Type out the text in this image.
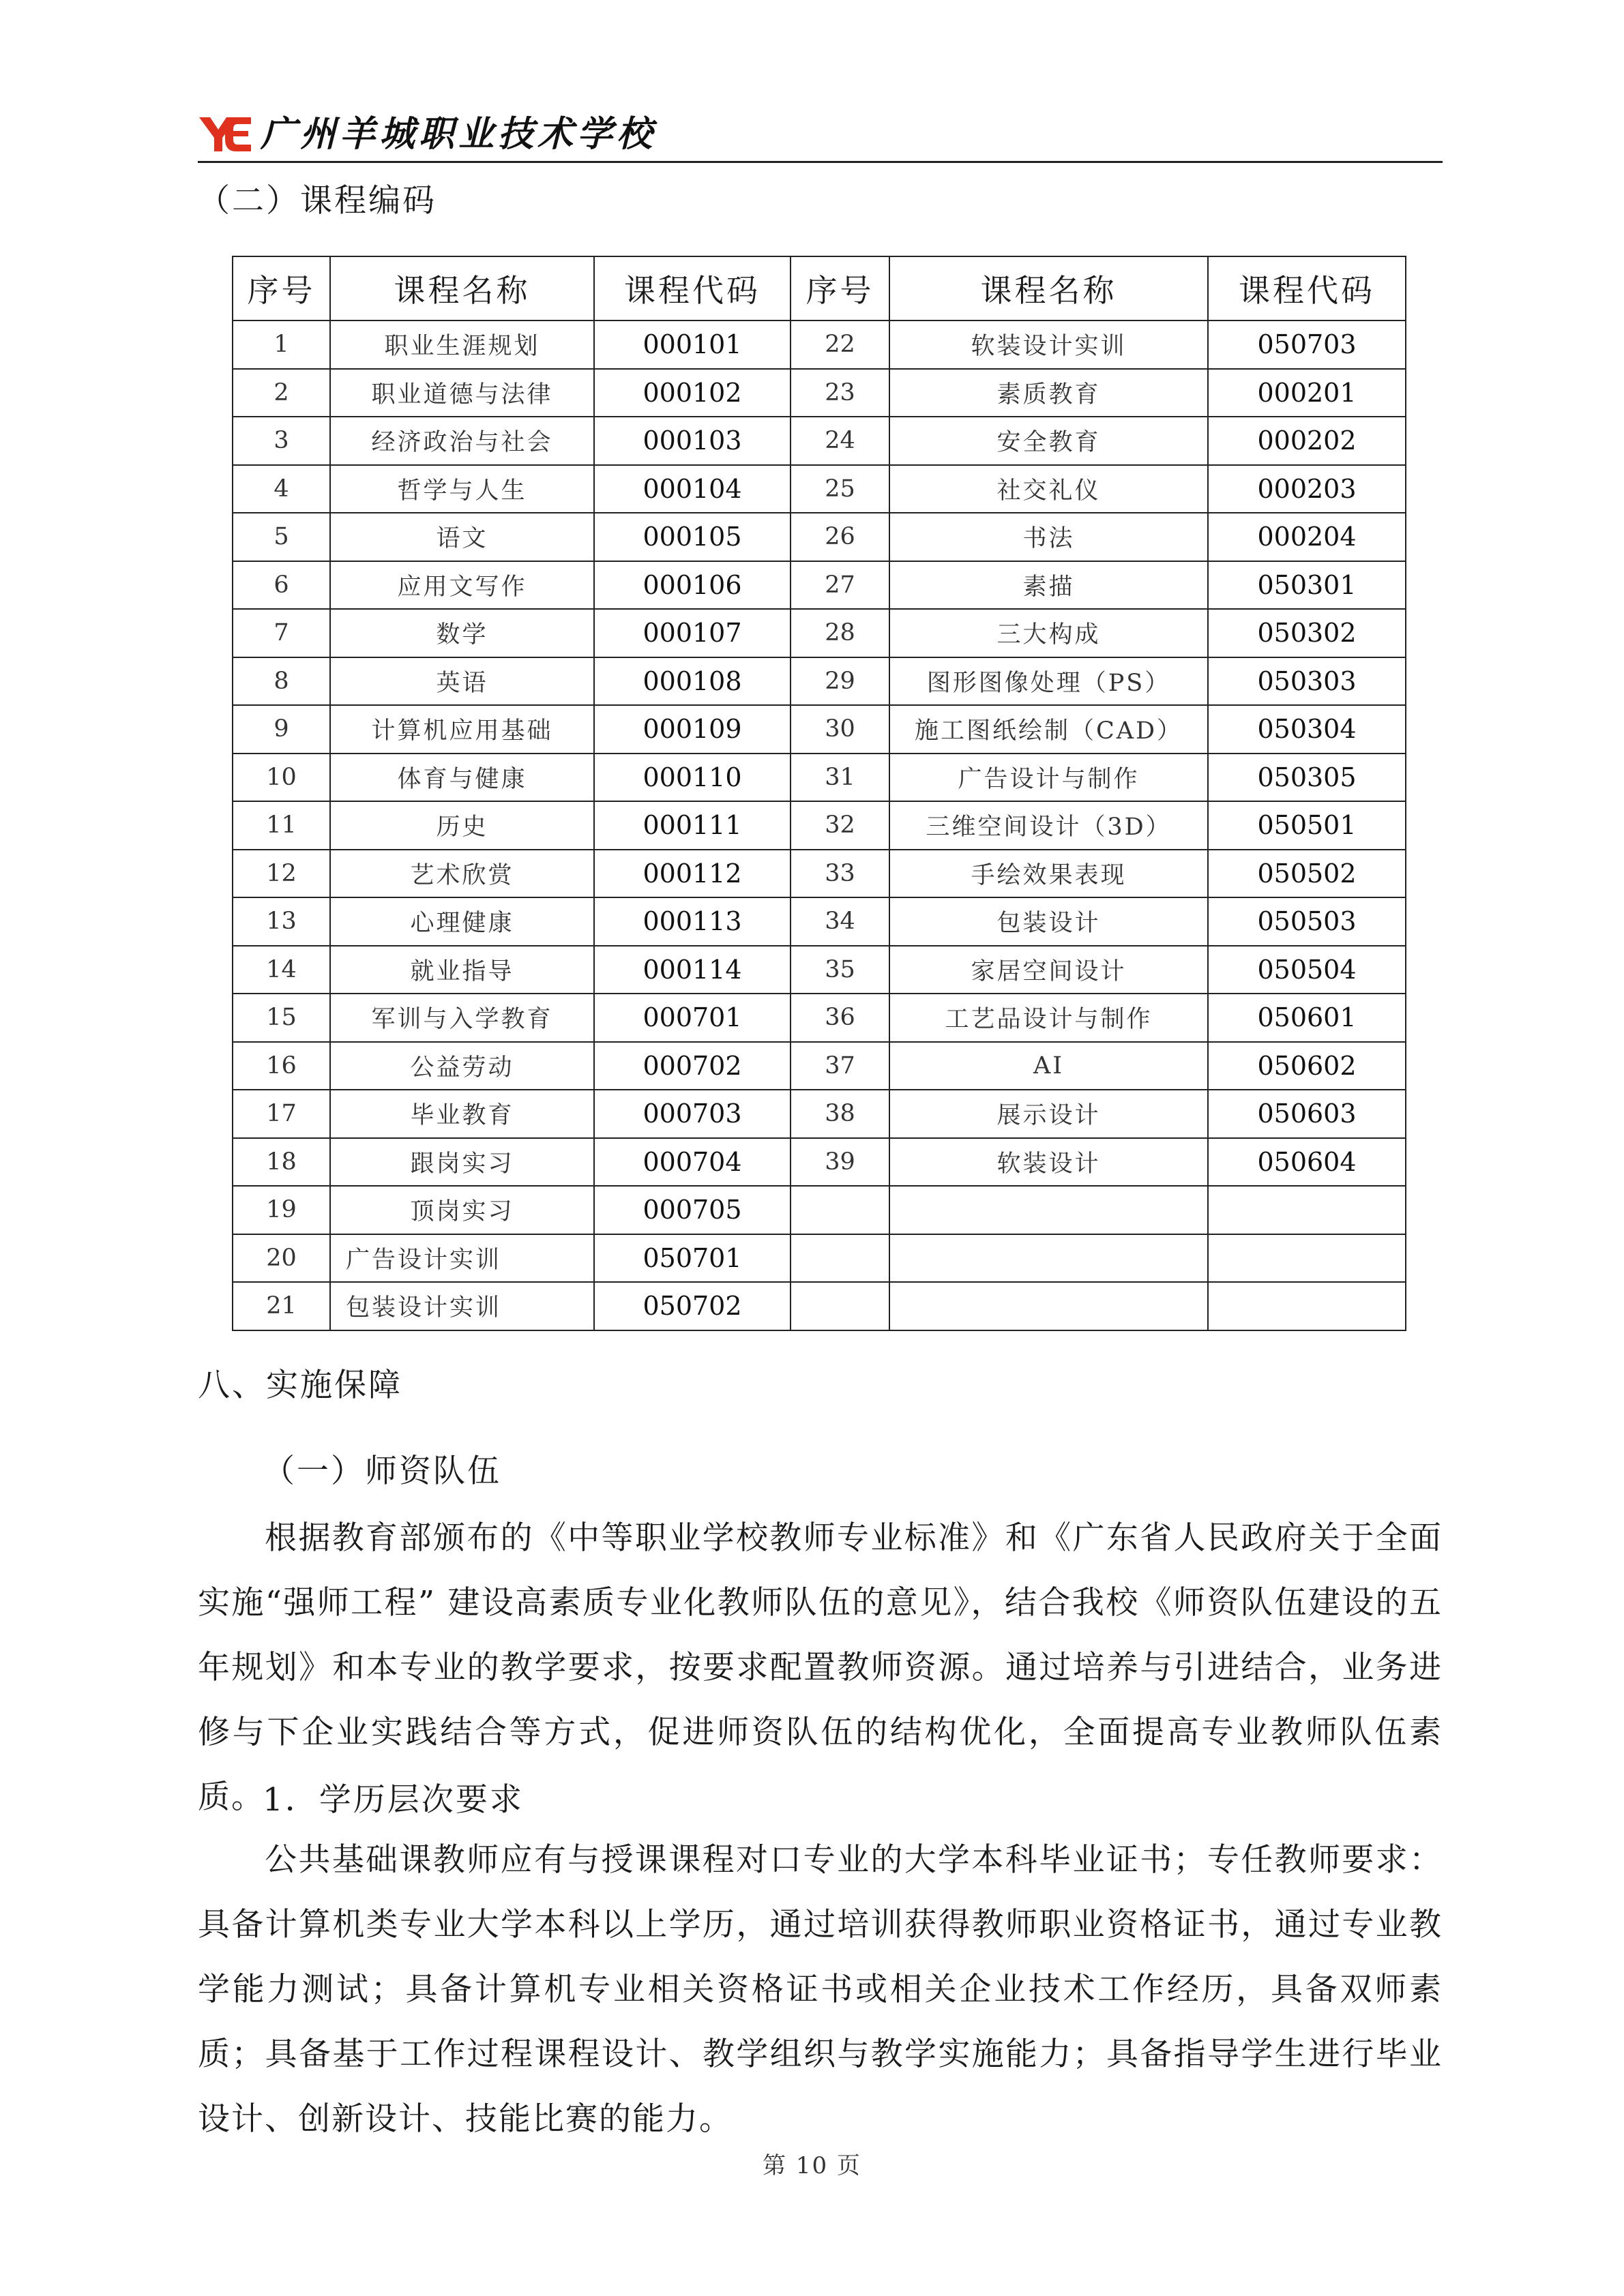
广州羊城职业技术学校
（二）课程编码
序号	课程名称	课程代码	序号	课程名称	课程代码
1	职业生涯规划	000101	22	软装设计实训	050703
2	职业道德与法律	000102	23	素质教育	000201
3	经济政治与社会	000103	24	安全教育	000202
4	哲学与人生	000104	25	社交礼仪	000203
5	语文	000105	26	书法	000204
6	应用文写作	000106	27	素描	050301
7	数学	000107	28	三大构成	050302
8	英语	000108	29	图形图像处理（PS）	050303
9	计算机应用基础	000109	30	施工图纸绘制（CAD）	050304
10	体育与健康	000110	31	广告设计与制作	050305
11	历史	000111	32	三维空间设计（3D）	050501
12	艺术欣赏	000112	33	手绘效果表现	050502
13	心理健康	000113	34	包装设计	050503
14	就业指导	000114	35	家居空间设计	050504
15	军训与入学教育	000701	36	工艺品设计与制作	050601
16	公益劳动	000702	37	AI	050602
17	毕业教育	000703	38	展示设计	050603
18	跟岗实习	000704	39	软装设计	050604
19	顶岗实习	000705			
20	广告设计实训	050701			
21	包装设计实训	050702			
八、实施保障
（一）师资队伍

根据教育部颁布的《中等职业学校教师专业标准》和《广东省人民政府关于全面实施“强师工程” 建设高素质专业化教师队伍的意见》，结合我校《师资队伍建设的五年规划》和本专业的教学要求，按要求配置教师资源。通过培养与引进结合，业务进修与下企业实践结合等方式，促进师资队伍的结构优化，全面提高专业教师队伍素质。

1．学历层次要求

公共基础课教师应有与授课课程对口专业的大学本科毕业证书；专任教师要求：具备计算机类专业大学本科以上学历，通过培训获得教师职业资格证书，通过专业教学能力测试；具备计算机专业相关资格证书或相关企业技术工作经历，具备双师素质；具备基于工作过程课程设计、教学组织与教学实施能力；具备指导学生进行毕业设计、创新设计、技能比赛的能力。

第 10 页
